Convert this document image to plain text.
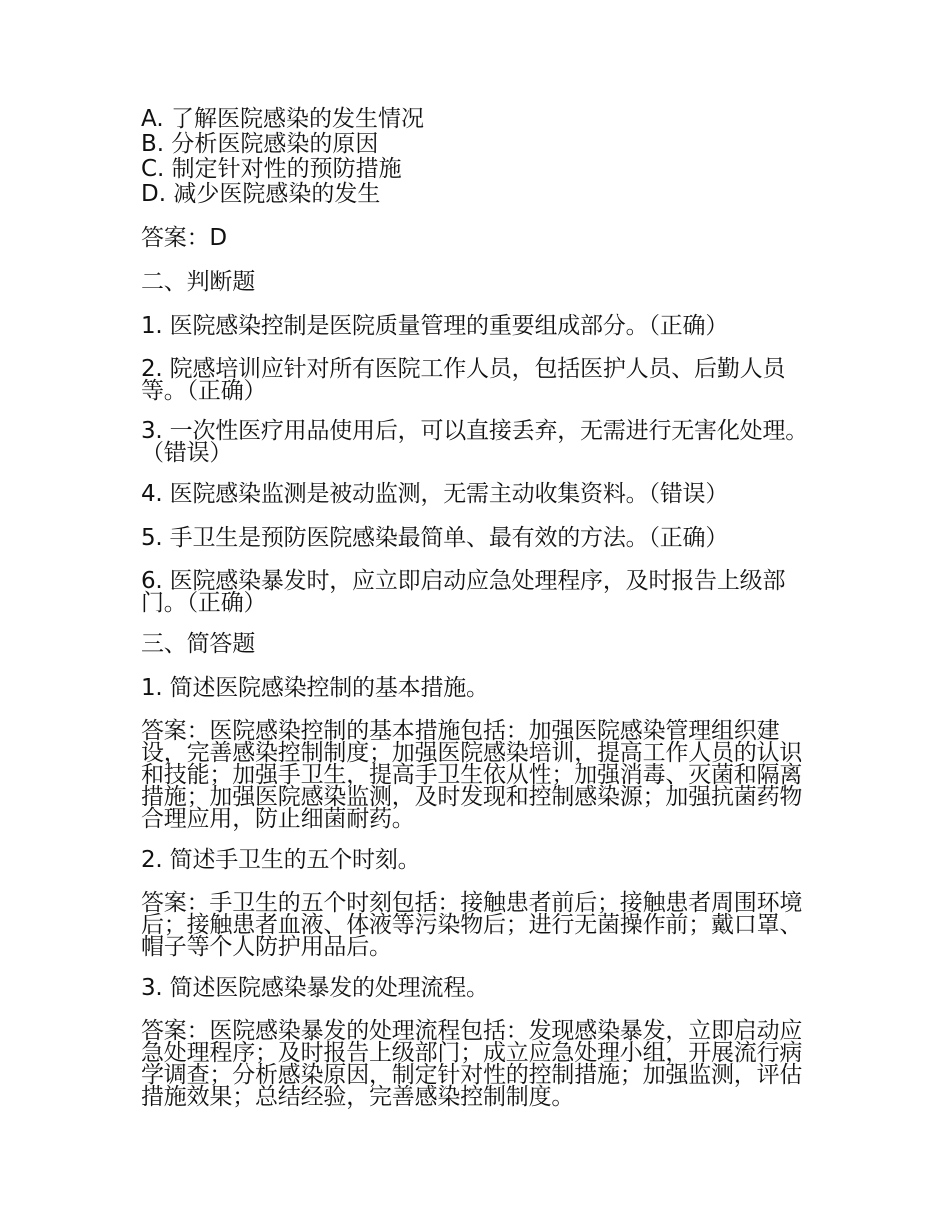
A. 了解医院感染的发生情况
B. 分析医院感染的原因
C. 制定针对性的预防措施
D. 减少医院感染的发生
答案：D
二、判断题
1. 医院感染控制是医院质量管理的重要组成部分。（正确）
2. 院感培训应针对所有医院工作人员，包括医护人员、后勤人员等。（正确）
3. 一次性医疗用品使用后，可以直接丢弃，无需进行无害化处理。（错误）
4. 医院感染监测是被动监测，无需主动收集资料。（错误）
5. 手卫生是预防医院感染最简单、最有效的方法。（正确）
6. 医院感染暴发时，应立即启动应急处理程序，及时报告上级部门。（正确）
三、简答题
1. 简述医院感染控制的基本措施。
答案：医院感染控制的基本措施包括：加强医院感染管理组织建设，完善感染控制制度；加强医院感染培训，提高工作人员的认识和技能；加强手卫生，提高手卫生依从性；加强消毒、灭菌和隔离措施；加强医院感染监测，及时发现和控制感染源；加强抗菌药物合理应用，防止细菌耐药。
2. 简述手卫生的五个时刻。
答案：手卫生的五个时刻包括：接触患者前后；接触患者周围环境后；接触患者血液、体液等污染物后；进行无菌操作前；戴口罩、帽子等个人防护用品后。
3. 简述医院感染暴发的处理流程。
答案：医院感染暴发的处理流程包括：发现感染暴发，立即启动应急处理程序；及时报告上级部门；成立应急处理小组，开展流行病学调查；分析感染原因，制定针对性的控制措施；加强监测，评估措施效果；总结经验，完善感染控制制度。
